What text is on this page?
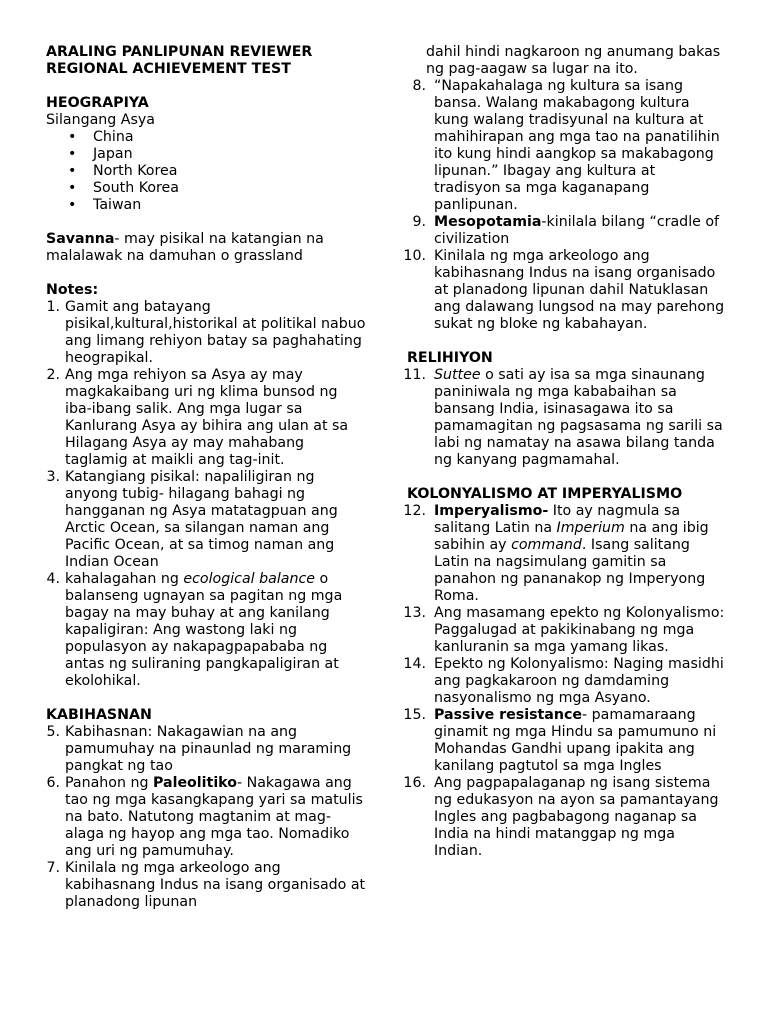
ARALING PANLIPUNAN REVIEWER
REGIONAL ACHIEVEMENT TEST
HEOGRAPIYA
Silangang Asya
• China
• Japan
• North Korea
• South Korea
• Taiwan
Savanna- may pisikal na katangian na malalawak na damuhan o grassland
Notes:
1. Gamit ang batayang pisikal,kultural,historikal at politikal nabuo ang limang rehiyon batay sa paghahating heograpikal.
2. Ang mga rehiyon sa Asya ay may magkakaibang uri ng klima bunsod ng iba-ibang salik. Ang mga lugar sa Kanlurang Asya ay bihira ang ulan at sa Hilagang Asya ay may mahabang taglamig at maikli ang tag-init.
3. Katangiang pisikal: napaliligiran ng anyong tubig- hilagang bahagi ng hangganan ng Asya matatagpuan ang Arctic Ocean, sa silangan naman ang Pacific Ocean, at sa timog naman ang Indian Ocean
4. kahalagahan ng ecological balance o balanseng ugnayan sa pagitan ng mga bagay na may buhay at ang kanilang kapaligiran: Ang wastong laki ng populasyon ay nakapagpapababa ng antas ng suliraning pangkapaligiran at ekolohikal.
KABIHASNAN
5. Kabihasnan: Nakagawian na ang pamumuhay na pinaunlad ng maraming pangkat ng tao
6. Panahon ng Paleolitiko- Nakagawa ang tao ng mga kasangkapang yari sa matulis na bato. Natutong magtanim at mag-alaga ng hayop ang mga tao. Nomadiko ang uri ng pamumuhay.
7. Kinilala ng mga arkeologo ang kabihasnang Indus na isang organisado at planadong lipunan
dahil hindi nagkaroon ng anumang bakas ng pag-aagaw sa lugar na ito.
8. “Napakahalaga ng kultura sa isang bansa. Walang makabagong kultura kung walang tradisyunal na kultura at mahihirapan ang mga tao na panatilihin ito kung hindi aangkop sa makabagong lipunan.” Ibagay ang kultura at tradisyon sa mga kaganapang panlipunan.
9. Mesopotamia-kinilala bilang “cradle of civilization
10. Kinilala ng mga arkeologo ang kabihasnang Indus na isang organisado at planadong lipunan dahil Natuklasan ang dalawang lungsod na may parehong sukat ng bloke ng kabahayan.
RELIHIYON
11. Suttee o sati ay isa sa mga sinaunang paniniwala ng mga kababaihan sa bansang India, isinasagawa ito sa pamamagitan ng pagsasama ng sarili sa labi ng namatay na asawa bilang tanda ng kanyang pagmamahal.
KOLONYALISMO AT IMPERYALISMO
12. Imperyalismo- Ito ay nagmula sa salitang Latin na Imperium na ang ibig sabihin ay command. Isang salitang Latin na nagsimulang gamitin sa panahon ng pananakop ng Imperyong Roma.
13. Ang masamang epekto ng Kolonyalismo: Paggalugad at pakikinabang ng mga kanluranin sa mga yamang likas.
14. Epekto ng Kolonyalismo: Naging masidhi ang pagkakaroon ng damdaming nasyonalismo ng mga Asyano.
15. Passive resistance- pamamaraang ginamit ng mga Hindu sa pamumuno ni Mohandas Gandhi upang ipakita ang kanilang pagtutol sa mga Ingles
16. Ang pagpapalaganap ng isang sistema ng edukasyon na ayon sa pamantayang Ingles ang pagbabagong naganap sa India na hindi matanggap ng mga Indian.
